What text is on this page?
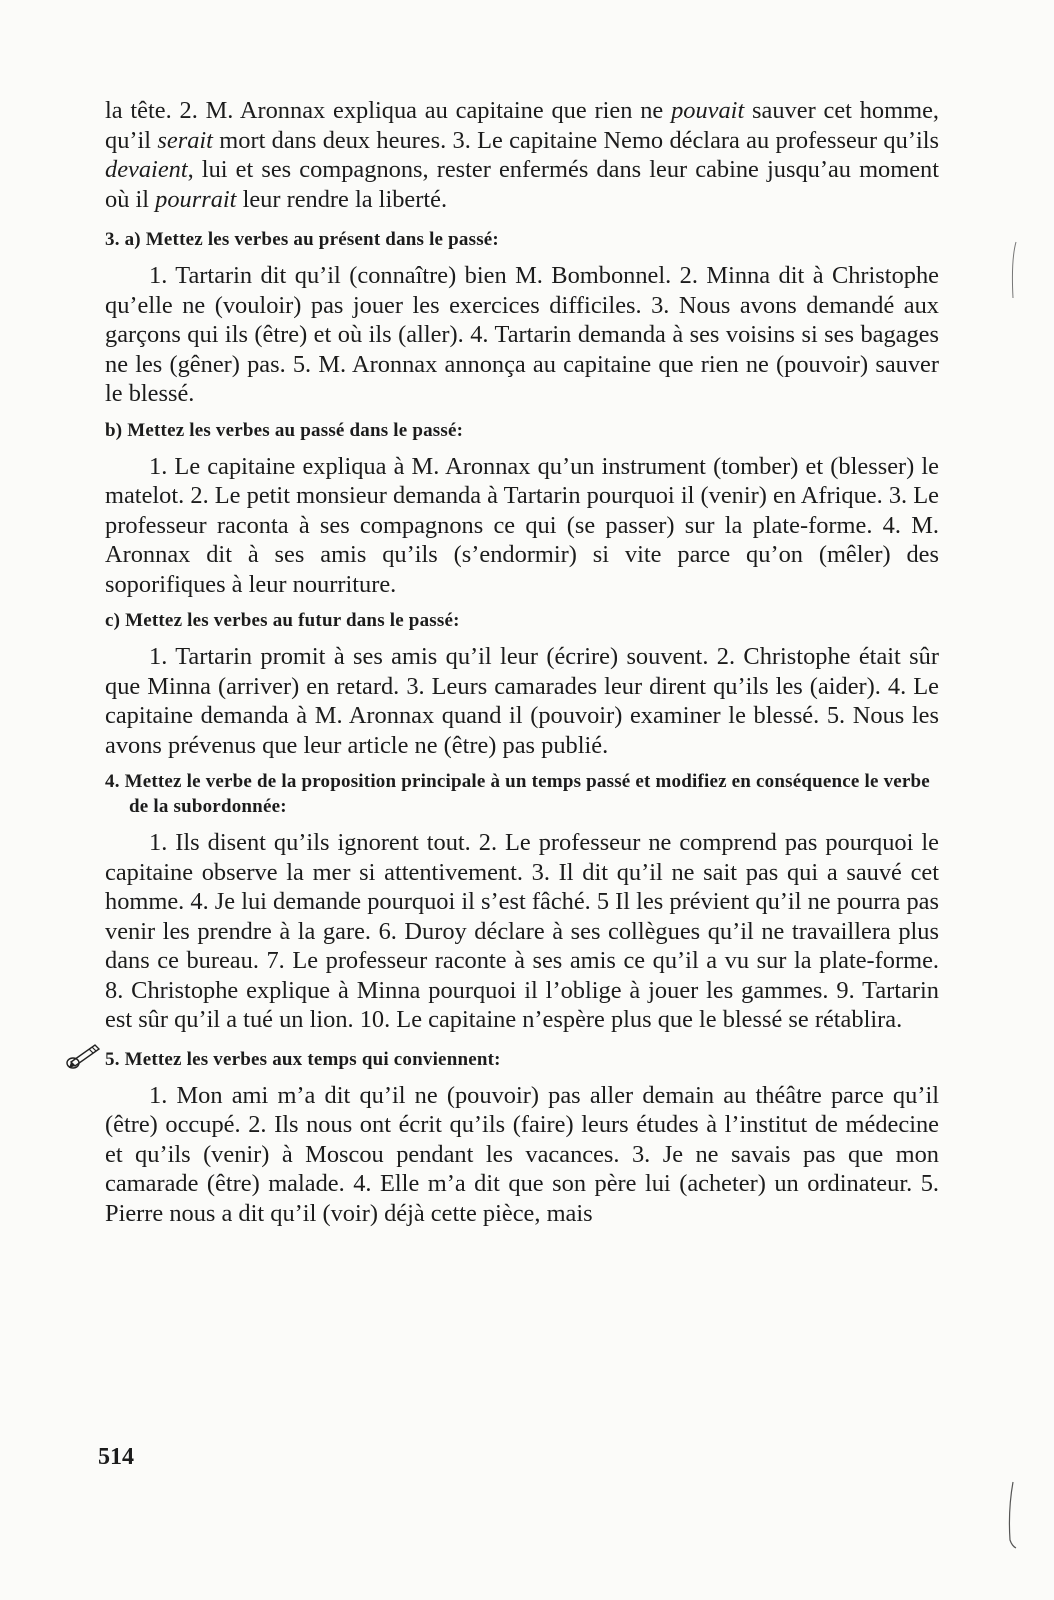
la tête. 2. M. Aronnax expliqua au capitaine que rien ne pouvait sauver cet homme, qu’il serait mort dans deux heures. 3. Le capitaine Nemo déclara au professeur qu’ils devaient, lui et ses compagnons, rester enfermés dans leur cabine jusqu’au moment où il pourrait leur rendre la liberté.

3. a) Mettez les verbes au présent dans le passé:

1. Tartarin dit qu’il (connaître) bien M. Bombonnel. 2. Minna dit à Christophe qu’elle ne (vouloir) pas jouer les exercices difficiles. 3. Nous avons demandé aux garçons qui ils (être) et où ils (aller). 4. Tartarin demanda à ses voisins si ses bagages ne les (gêner) pas. 5. M. Aronnax annonça au capitaine que rien ne (pouvoir) sauver le blessé.

b) Mettez les verbes au passé dans le passé:

1. Le capitaine expliqua à M. Aronnax qu’un instrument (tomber) et (blesser) le matelot. 2. Le petit monsieur demanda à Tartarin pourquoi il (venir) en Afrique. 3. Le professeur raconta à ses compagnons ce qui (se passer) sur la plate-forme. 4. M. Aronnax dit à ses amis qu’ils (s’endormir) si vite parce qu’on (mêler) des soporifiques à leur nourriture.

c) Mettez les verbes au futur dans le passé:

1. Tartarin promit à ses amis qu’il leur (écrire) souvent. 2. Christophe était sûr que Minna (arriver) en retard. 3. Leurs camarades leur dirent qu’ils les (aider). 4. Le capitaine demanda à M. Aronnax quand il (pouvoir) examiner le blessé. 5. Nous les avons prévenus que leur article ne (être) pas publié.

4. Mettez le verbe de la proposition principale à un temps passé et modifiez en conséquence le verbe de la subordonnée:

1. Ils disent qu’ils ignorent tout. 2. Le professeur ne comprend pas pourquoi le capitaine observe la mer si attentivement. 3. Il dit qu’il ne sait pas qui a sauvé cet homme. 4. Je lui demande pourquoi il s’est fâché. 5 Il les prévient qu’il ne pourra pas venir les prendre à la gare. 6. Duroy déclare à ses collègues qu’il ne travaillera plus dans ce bureau. 7. Le professeur raconte à ses amis ce qu’il a vu sur la plate-forme. 8. Christophe explique à Minna pourquoi il l’oblige à jouer les gammes. 9. Tartarin est sûr qu’il a tué un lion. 10. Le capitaine n’espère plus que le blessé se rétablira.

5. Mettez les verbes aux temps qui conviennent:

1. Mon ami m’a dit qu’il ne (pouvoir) pas aller demain au théâtre parce qu’il (être) occupé. 2. Ils nous ont écrit qu’ils (faire) leurs études à l’institut de médecine et qu’ils (venir) à Moscou pendant les vacances. 3. Je ne savais pas que mon camarade (être) malade. 4. Elle m’a dit que son père lui (acheter) un ordinateur. 5. Pierre nous a dit qu’il (voir) déjà cette pièce, mais

514
